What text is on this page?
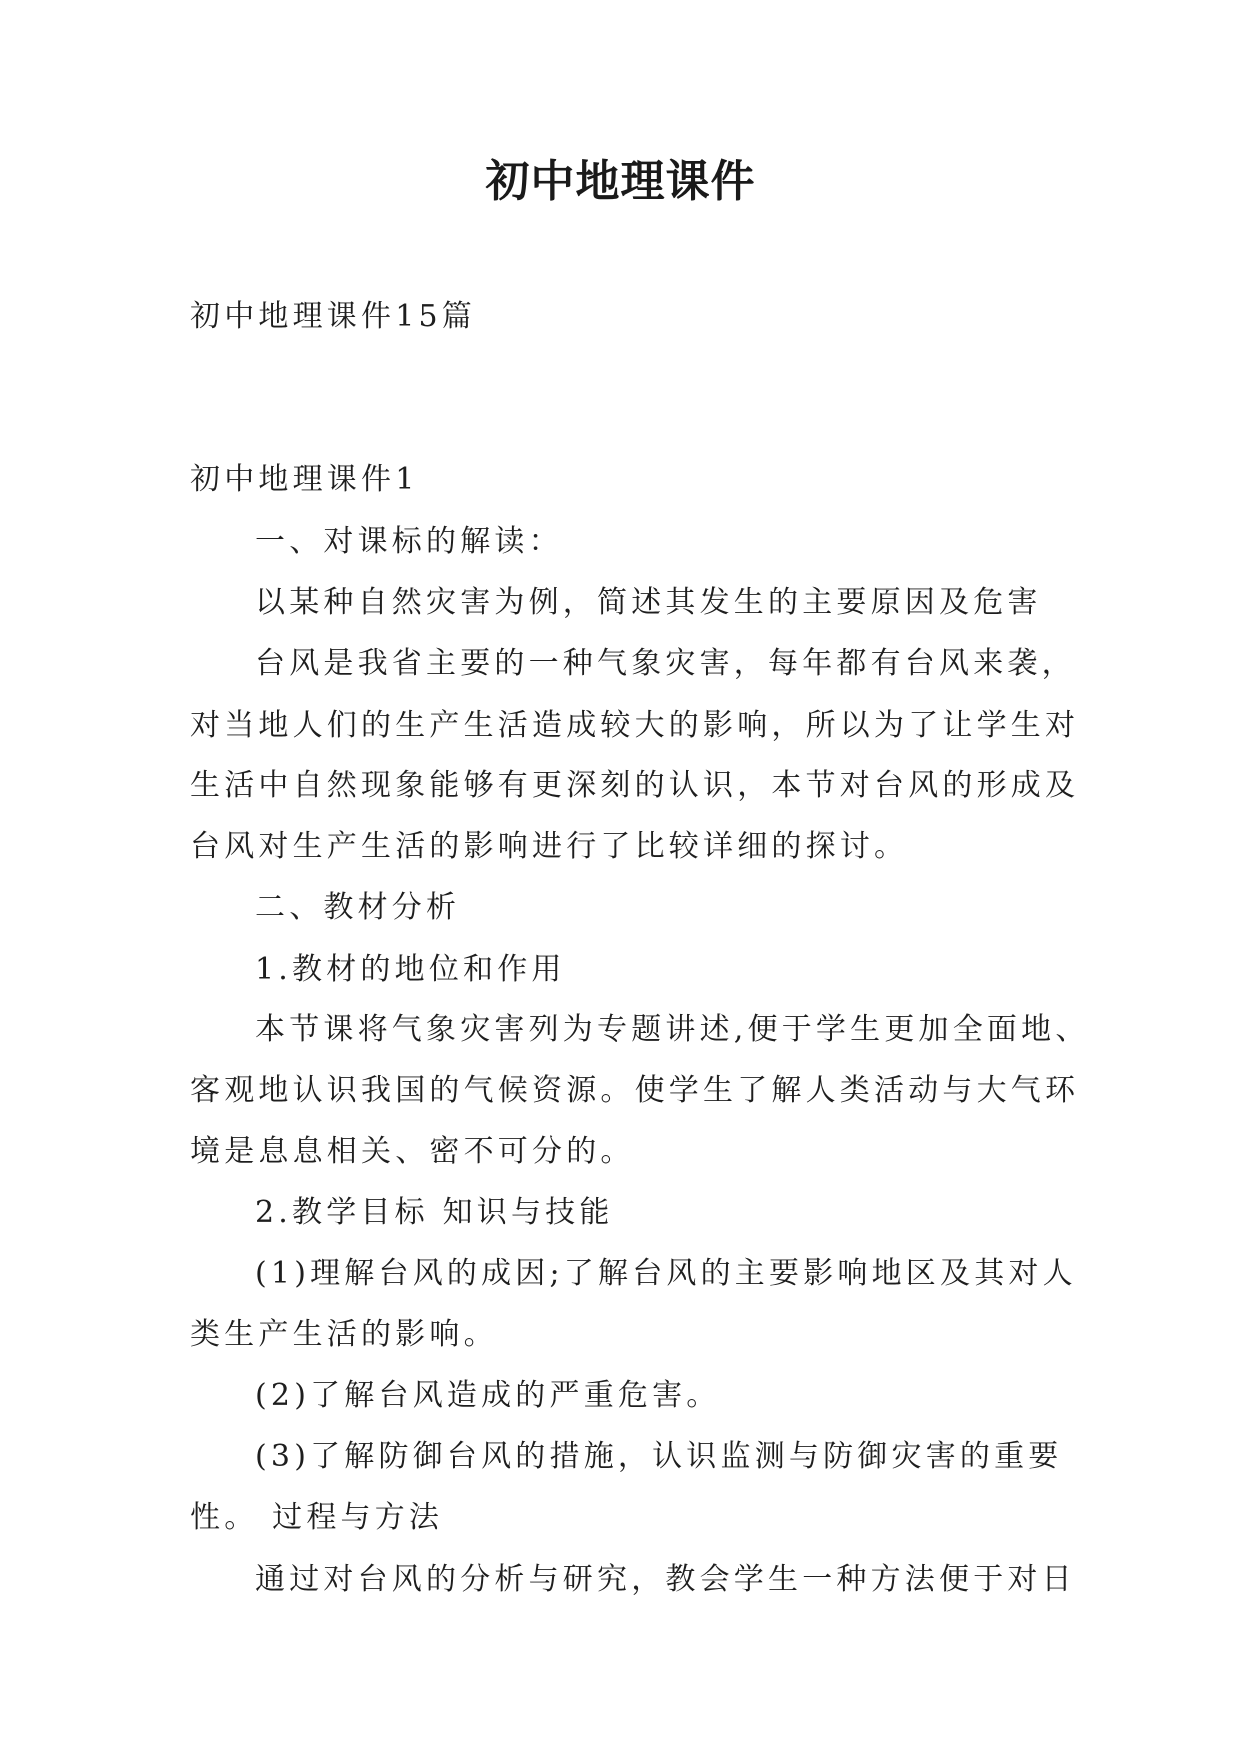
初中地理课件
初中地理课件15篇
初中地理课件1
一、对课标的解读：
以某种自然灾害为例，简述其发生的主要原因及危害
台风是我省主要的一种气象灾害，每年都有台风来袭，
对当地人们的生产生活造成较大的影响，所以为了让学生对
生活中自然现象能够有更深刻的认识，本节对台风的形成及
台风对生产生活的影响进行了比较详细的探讨。
二、教材分析
1.教材的地位和作用
本节课将气象灾害列为专题讲述,便于学生更加全面地、
客观地认识我国的气候资源。使学生了解人类活动与大气环
境是息息相关、密不可分的。
2.教学目标 知识与技能
(1)理解台风的成因;了解台风的主要影响地区及其对人
类生产生活的影响。
(2)了解台风造成的严重危害。
(3)了解防御台风的措施，认识监测与防御灾害的重要
性。 过程与方法
通过对台风的分析与研究，教会学生一种方法便于对日
